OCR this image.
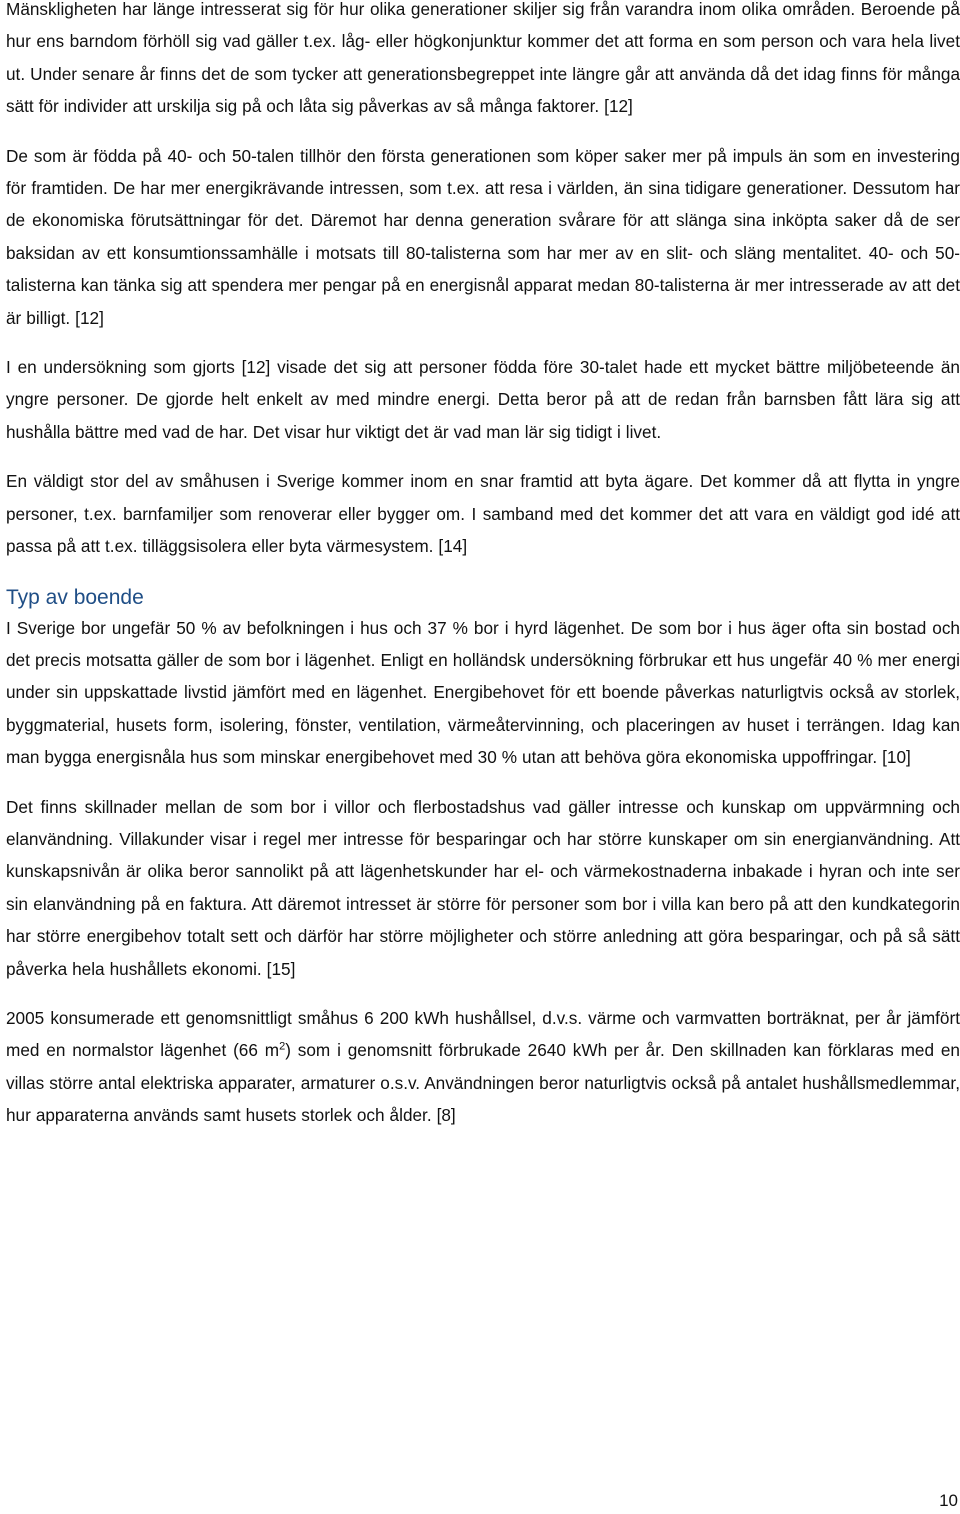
Mänskligheten har länge intresserat sig för hur olika generationer skiljer sig från varandra inom olika områden. Beroende på hur ens barndom förhöll sig vad gäller t.ex. låg- eller högkonjunktur kommer det att forma en som person och vara hela livet ut. Under senare år finns det de som tycker att generationsbegreppet inte längre går att använda då det idag finns för många sätt för individer att urskilja sig på och låta sig påverkas av så många faktorer. [12]

De som är födda på 40- och 50-talen tillhör den första generationen som köper saker mer på impuls än som en investering för framtiden. De har mer energikrävande intressen, som t.ex. att resa i världen, än sina tidigare generationer. Dessutom har de ekonomiska förutsättningar för det. Däremot har denna generation svårare för att slänga sina inköpta saker då de ser baksidan av ett konsumtionssamhälle i motsats till 80-talisterna som har mer av en slit- och släng mentalitet. 40- och 50-talisterna kan tänka sig att spendera mer pengar på en energisnål apparat medan 80-talisterna är mer intresserade av att det är billigt. [12]

I en undersökning som gjorts [12] visade det sig att personer födda före 30-talet hade ett mycket bättre miljöbeteende än yngre personer. De gjorde helt enkelt av med mindre energi. Detta beror på att de redan från barnsben fått lära sig att hushålla bättre med vad de har. Det visar hur viktigt det är vad man lär sig tidigt i livet.

En väldigt stor del av småhusen i Sverige kommer inom en snar framtid att byta ägare. Det kommer då att flytta in yngre personer, t.ex. barnfamiljer som renoverar eller bygger om. I samband med det kommer det att vara en väldigt god idé att passa på att t.ex. tilläggsisolera eller byta värmesystem. [14]

Typ av boende

I Sverige bor ungefär 50 % av befolkningen i hus och 37 % bor i hyrd lägenhet. De som bor i hus äger ofta sin bostad och det precis motsatta gäller de som bor i lägenhet. Enligt en holländsk undersökning förbrukar ett hus ungefär 40 % mer energi under sin uppskattade livstid jämfört med en lägenhet. Energibehovet för ett boende påverkas naturligtvis också av storlek, byggmaterial, husets form, isolering, fönster, ventilation, värmeåtervinning, och placeringen av huset i terrängen. Idag kan man bygga energisnåla hus som minskar energibehovet med 30 % utan att behöva göra ekonomiska uppoffringar. [10]

Det finns skillnader mellan de som bor i villor och flerbostadshus vad gäller intresse och kunskap om uppvärmning och elanvändning. Villakunder visar i regel mer intresse för besparingar och har större kunskaper om sin energianvändning. Att kunskapsnivån är olika beror sannolikt på att lägenhetskunder har el- och värmekostnaderna inbakade i hyran och inte ser sin elanvändning på en faktura. Att däremot intresset är större för personer som bor i villa kan bero på att den kundkategorin har större energibehov totalt sett och därför har större möjligheter och större anledning att göra besparingar, och på så sätt påverka hela hushållets ekonomi. [15]

2005 konsumerade ett genomsnittligt småhus 6 200 kWh hushållsel, d.v.s. värme och varmvatten borträknat, per år jämfört med en normalstor lägenhet (66 $m^2$) som i genomsnitt förbrukade 2640 kWh per år. Den skillnaden kan förklaras med en villas större antal elektriska apparater, armaturer o.s.v. Användningen beror naturligtvis också på antalet hushållsmedlemmar, hur apparaterna används samt husets storlek och ålder. [8]

10
